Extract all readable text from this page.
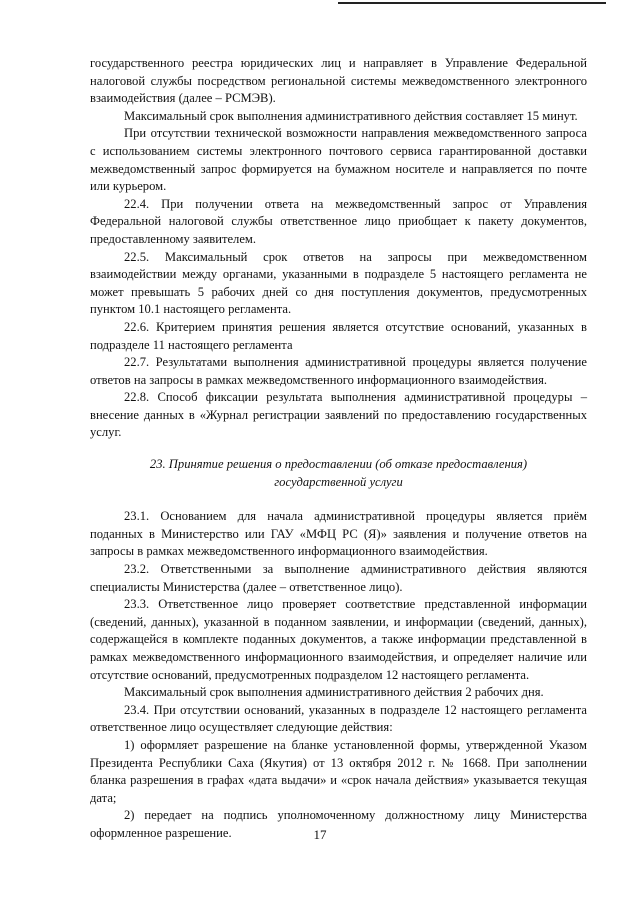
государственного реестра юридических лиц и направляет в Управление Федеральной налоговой службы посредством региональной системы межведомственного электронного взаимодействия (далее – РСМЭВ).

Максимальный срок выполнения административного действия составляет 15 минут.

При отсутствии технической возможности направления межведомственного запроса с использованием системы электронного почтового сервиса гарантированной доставки межведомственный запрос формируется на бумажном носителе и направляется по почте или курьером.

22.4. При получении ответа на межведомственный запрос от Управления Федеральной налоговой службы ответственное лицо приобщает к пакету документов, предоставленному заявителем.

22.5. Максимальный срок ответов на запросы при межведомственном взаимодействии между органами, указанными в подразделе 5 настоящего регламента не может превышать 5 рабочих дней со дня поступления документов, предусмотренных пунктом 10.1 настоящего регламента.

22.6. Критерием принятия решения является отсутствие оснований, указанных в подразделе 11 настоящего регламента

22.7. Результатами выполнения административной процедуры является получение ответов на запросы в рамках межведомственного информационного взаимодействия.

22.8. Способ фиксации результата выполнения административной процедуры – внесение данных в «Журнал регистрации заявлений по предоставлению государственных услуг.

23. Принятие решения о предоставлении (об отказе предоставления)
государственной услуги

23.1. Основанием для начала административной процедуры является приём поданных в Министерство или ГАУ «МФЦ РС (Я)» заявления и получение ответов на запросы в рамках межведомственного информационного взаимодействия.

23.2. Ответственными за выполнение административного действия являются специалисты Министерства (далее – ответственное лицо).

23.3. Ответственное лицо проверяет соответствие представленной информации (сведений, данных), указанной в поданном заявлении, и информации (сведений, данных), содержащейся в комплекте поданных документов, а также информации представленной в рамках межведомственного информационного взаимодействия, и определяет наличие или отсутствие оснований, предусмотренных подразделом 12 настоящего регламента.

Максимальный срок выполнения административного действия 2 рабочих дня.

23.4. При отсутствии оснований, указанных в подразделе 12 настоящего регламента ответственное лицо осуществляет следующие действия:

1) оформляет разрешение на бланке установленной формы, утвержденной Указом Президента Республики Саха (Якутия) от 13 октября 2012 г. № 1668. При заполнении бланка разрешения в графах «дата выдачи» и «срок начала действия» указывается текущая дата;

2) передает на подпись уполномоченному должностному лицу Министерства оформленное разрешение.	17
